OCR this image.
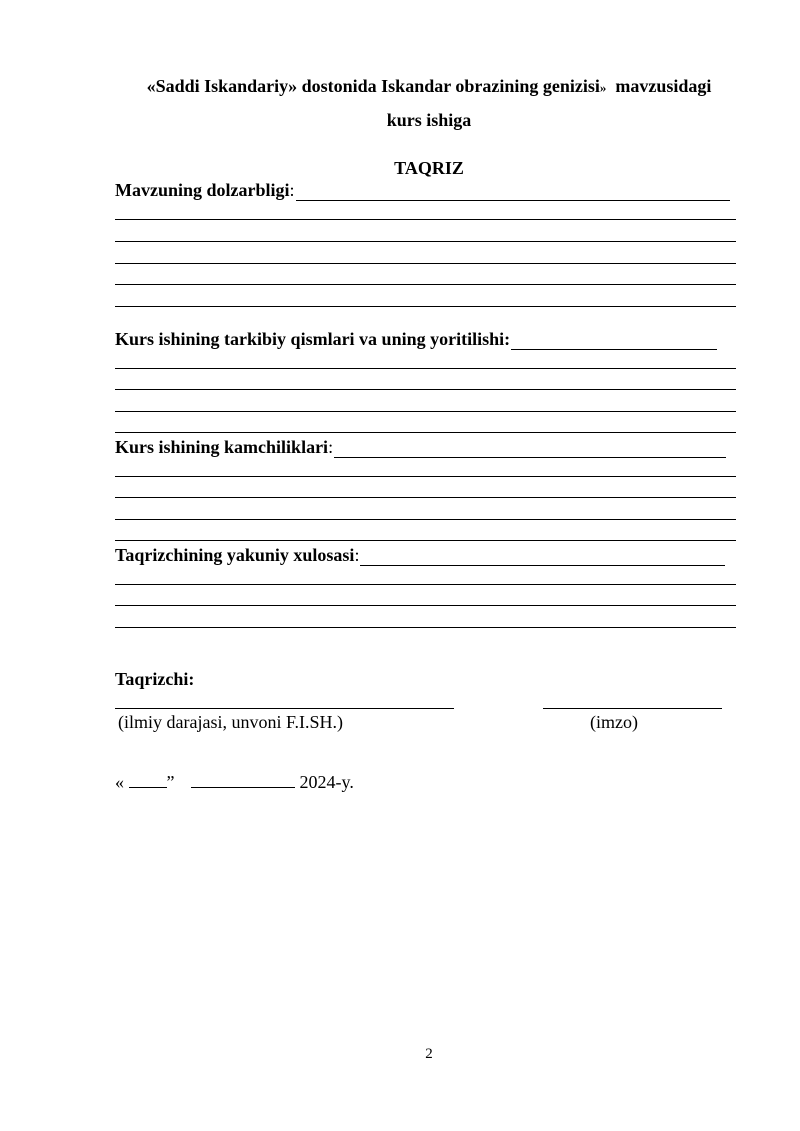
«Saddi Iskandariy» dostonida Iskandar obrazining genizisi» mavzusidagi
kurs ishiga
TAQRIZ
Mavzuning dolzarbligi :
Kurs ishining tarkibiy qismlari va uning yoritilishi:
Kurs ishining kamchiliklari :
Taqrizchining yakuniy xulosasi :
Taqrizchi:
(ilmiy darajasi, unvoni F.I.SH.)	(imzo)
« ”	2024-y.
2
